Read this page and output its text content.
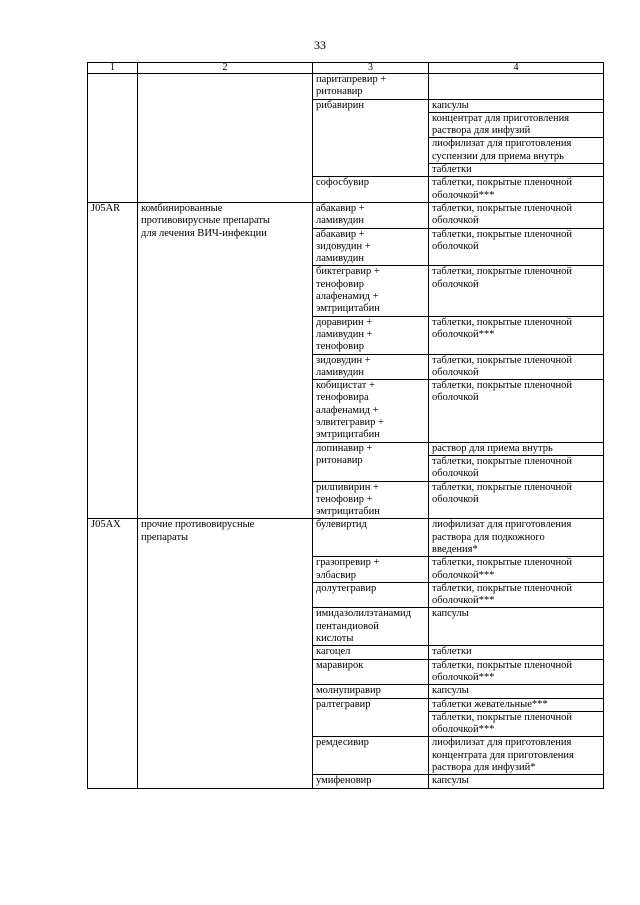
33
1	2	3	4

		паритапревир +
ритонавир	

		рибавирин	капсулы

			концентрат для приготовления
раствора для инфузий

			лиофилизат для приготовления
суспензии для приема внутрь

			таблетки

		софосбувир	таблетки, покрытые пленочной
оболочкой***

J05AR	комбинированные
противовирусные препараты
для лечения ВИЧ-инфекции	абакавир +
ламивудин	таблетки, покрытые пленочной
оболочкой

		абакавир +
зидовудин +
ламивудин	таблетки, покрытые пленочной
оболочкой

		биктегравир +
тенофовир
алафенамид +
эмтрицитабин	таблетки, покрытые пленочной
оболочкой

		доравирин +
ламивудин +
тенофовир	таблетки, покрытые пленочной
оболочкой***

		зидовудин +
ламивудин	таблетки, покрытые пленочной
оболочкой

		кобицистат +
тенофовира
алафенамид +
элвитегравир +
эмтрицитабин	таблетки, покрытые пленочной
оболочкой

		лопинавир +
ритонавир	раствор для приема внутрь

			таблетки, покрытые пленочной
оболочкой

		рилпивирин +
тенофовир +
эмтрицитабин	таблетки, покрытые пленочной
оболочкой

J05AX	прочие противовирусные
препараты	булевиртид	лиофилизат для приготовления
раствора для подкожного
введения*

		гразопревир +
элбасвир	таблетки, покрытые пленочной
оболочкой***

		долутегравир	таблетки, покрытые пленочной
оболочкой***

		имидазолилэтанамид
пентандиовой
кислоты	капсулы

		кагоцел	таблетки

		маравирок	таблетки, покрытые пленочной
оболочкой***

		молнупиравир	капсулы

		ралтегравир	таблетки жевательные***

			таблетки, покрытые пленочной
оболочкой***

		ремдесивир	лиофилизат для приготовления
концентрата для приготовления
раствора для инфузий*

		умифеновир	капсулы
